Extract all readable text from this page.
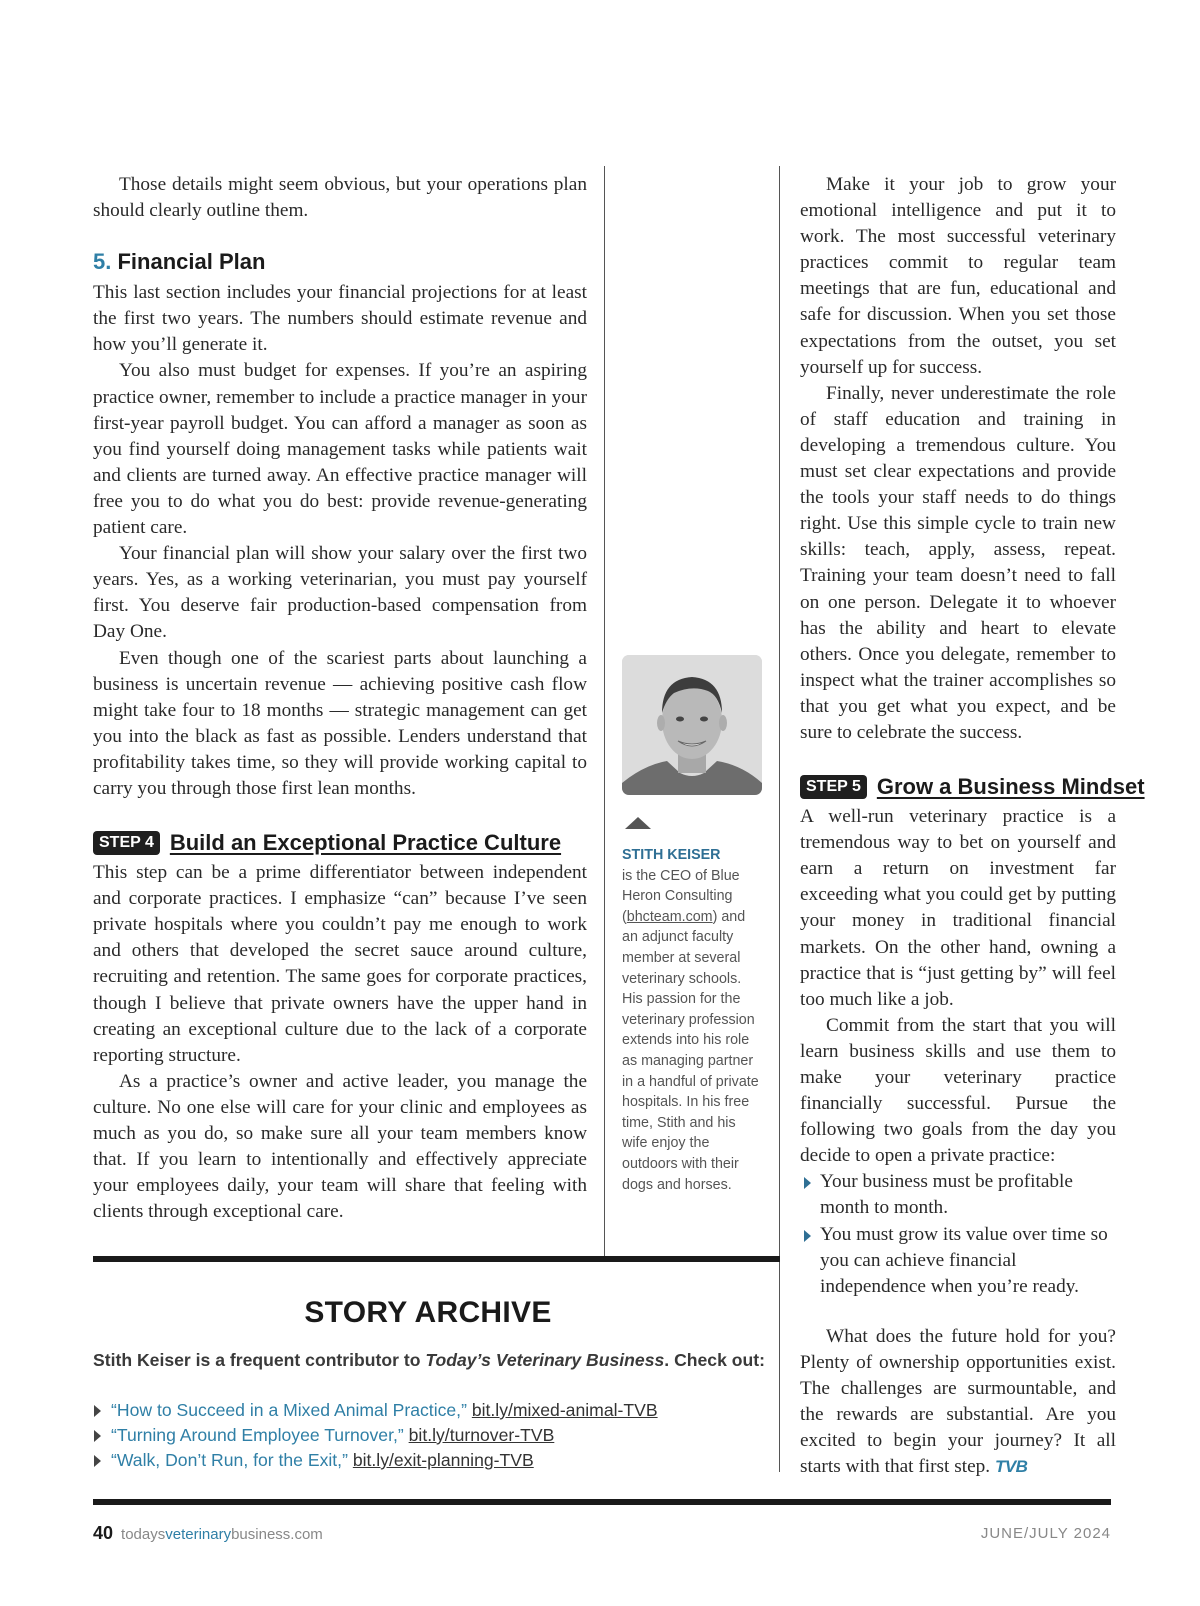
Those details might seem obvious, but your operations plan should clearly outline them.

5. Financial Plan

This last section includes your financial projections for at least the first two years. The numbers should estimate revenue and how you’ll generate it.

You also must budget for expenses. If you’re an aspiring practice owner, remember to include a practice manager in your first-year payroll budget. You can afford a manager as soon as you find yourself doing management tasks while patients wait and clients are turned away. An effective practice manager will free you to do what you do best: provide revenue-generating patient care.

Your financial plan will show your salary over the first two years. Yes, as a working veterinarian, you must pay yourself first. You deserve fair production-based compensation from Day One.

Even though one of the scariest parts about launching a business is uncertain revenue — achieving positive cash flow might take four to 18 months — strategic management can get you into the black as fast as possible. Lenders understand that profitability takes time, so they will provide working capital to carry you through those first lean months.

STEP 4 Build an Exceptional Practice Culture

This step can be a prime differentiator between independent and corporate practices. I emphasize “can” because I’ve seen private hospitals where you couldn’t pay me enough to work and others that developed the secret sauce around culture, recruiting and retention. The same goes for corporate practices, though I believe that private owners have the upper hand in creating an exceptional culture due to the lack of a corporate reporting structure.

As a practice’s owner and active leader, you manage the culture. No one else will care for your clinic and employees as much as you do, so make sure all your team members know that. If you learn to intentionally and effectively appreciate your employees daily, your team will share that feeling with clients through exceptional care.

STITH KEISER
is the CEO of Blue Heron Consulting (bhcteam.com) and an adjunct faculty member at several veterinary schools. His passion for the veterinary profession extends into his role as managing partner in a handful of private hospitals. In his free time, Stith and his wife enjoy the outdoors with their dogs and horses.

Make it your job to grow your emotional intelligence and put it to work. The most successful veterinary practices commit to regular team meetings that are fun, educational and safe for discussion. When you set those expectations from the outset, you set yourself up for success.

Finally, never underestimate the role of staff education and training in developing a tremendous culture. You must set clear expectations and provide the tools your staff needs to do things right. Use this simple cycle to train new skills: teach, apply, assess, repeat. Training your team doesn’t need to fall on one person. Delegate it to whoever has the ability and heart to elevate others. Once you delegate, remember to inspect what the trainer accomplishes so that you get what you expect, and be sure to celebrate the success.

STEP 5 Grow a Business Mindset

A well-run veterinary practice is a tremendous way to bet on yourself and earn a return on investment far exceeding what you could get by putting your money in traditional financial markets. On the other hand, owning a practice that is “just getting by” will feel too much like a job.

Commit from the start that you will learn business skills and use them to make your veterinary practice financially successful. Pursue the following two goals from the day you decide to open a private practice:

Your business must be profitable month to month.
You must grow its value over time so you can achieve financial independence when you’re ready.

What does the future hold for you? Plenty of ownership opportunities exist. The challenges are surmountable, and the rewards are substantial. Are you excited to begin your journey? It all starts with that first step. TVB

STORY ARCHIVE
Stith Keiser is a frequent contributor to Today’s Veterinary Business. Check out:
“How to Succeed in a Mixed Animal Practice,” bit.ly/mixed-animal-TVB
“Turning Around Employee Turnover,” bit.ly/turnover-TVB
“Walk, Don’t Run, for the Exit,” bit.ly/exit-planning-TVB
40 todaysveterinarybusiness.com	JUNE/JULY 2024
